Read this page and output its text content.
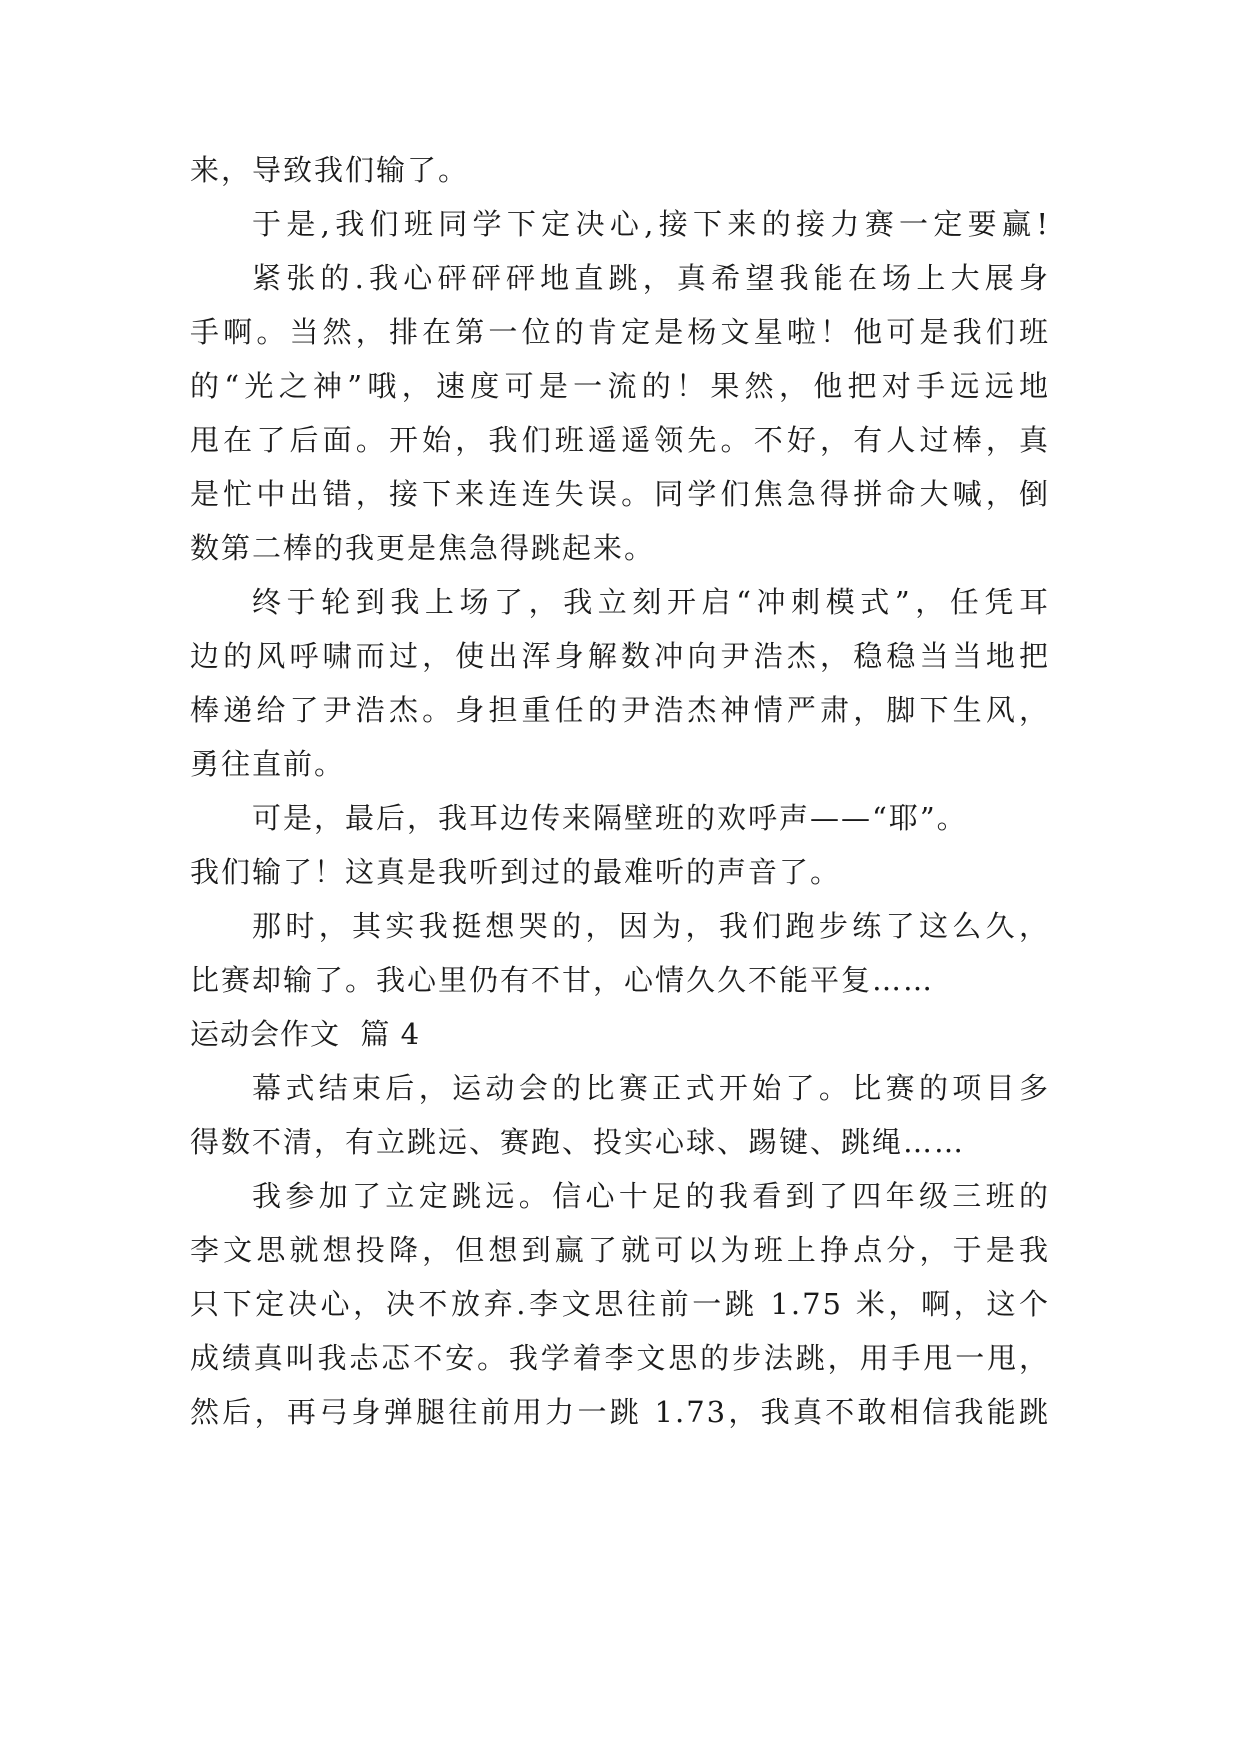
来，导致我们输了。
于是,我们班同学下定决心,接下来的接力赛一定要赢!
紧张的.我心砰砰砰地直跳，真希望我能在场上大展身
手啊。当然，排在第一位的肯定是杨文星啦！他可是我们班
的“光之神”哦，速度可是一流的！果然，他把对手远远地
甩在了后面。开始，我们班遥遥领先。不好，有人过棒，真
是忙中出错，接下来连连失误。同学们焦急得拼命大喊，倒
数第二棒的我更是焦急得跳起来。
终于轮到我上场了，我立刻开启“冲刺模式”，任凭耳
边的风呼啸而过，使出浑身解数冲向尹浩杰，稳稳当当地把
棒递给了尹浩杰。身担重任的尹浩杰神情严肃，脚下生风，
勇往直前。
可是，最后，我耳边传来隔壁班的欢呼声——“耶”。
我们输了！这真是我听到过的最难听的声音了。
那时，其实我挺想哭的，因为，我们跑步练了这么久，
比赛却输了。我心里仍有不甘，心情久久不能平复……
运动会作文  篇 4
幕式结束后，运动会的比赛正式开始了。比赛的项目多
得数不清，有立跳远、赛跑、投实心球、踢键、跳绳……
我参加了立定跳远。信心十足的我看到了四年级三班的
李文思就想投降，但想到赢了就可以为班上挣点分，于是我
只下定决心，决不放弃.李文思往前一跳 1.75 米，啊，这个
成绩真叫我忐忑不安。我学着李文思的步法跳，用手甩一甩，
然后，再弓身弹腿往前用力一跳 1.73，我真不敢相信我能跳
